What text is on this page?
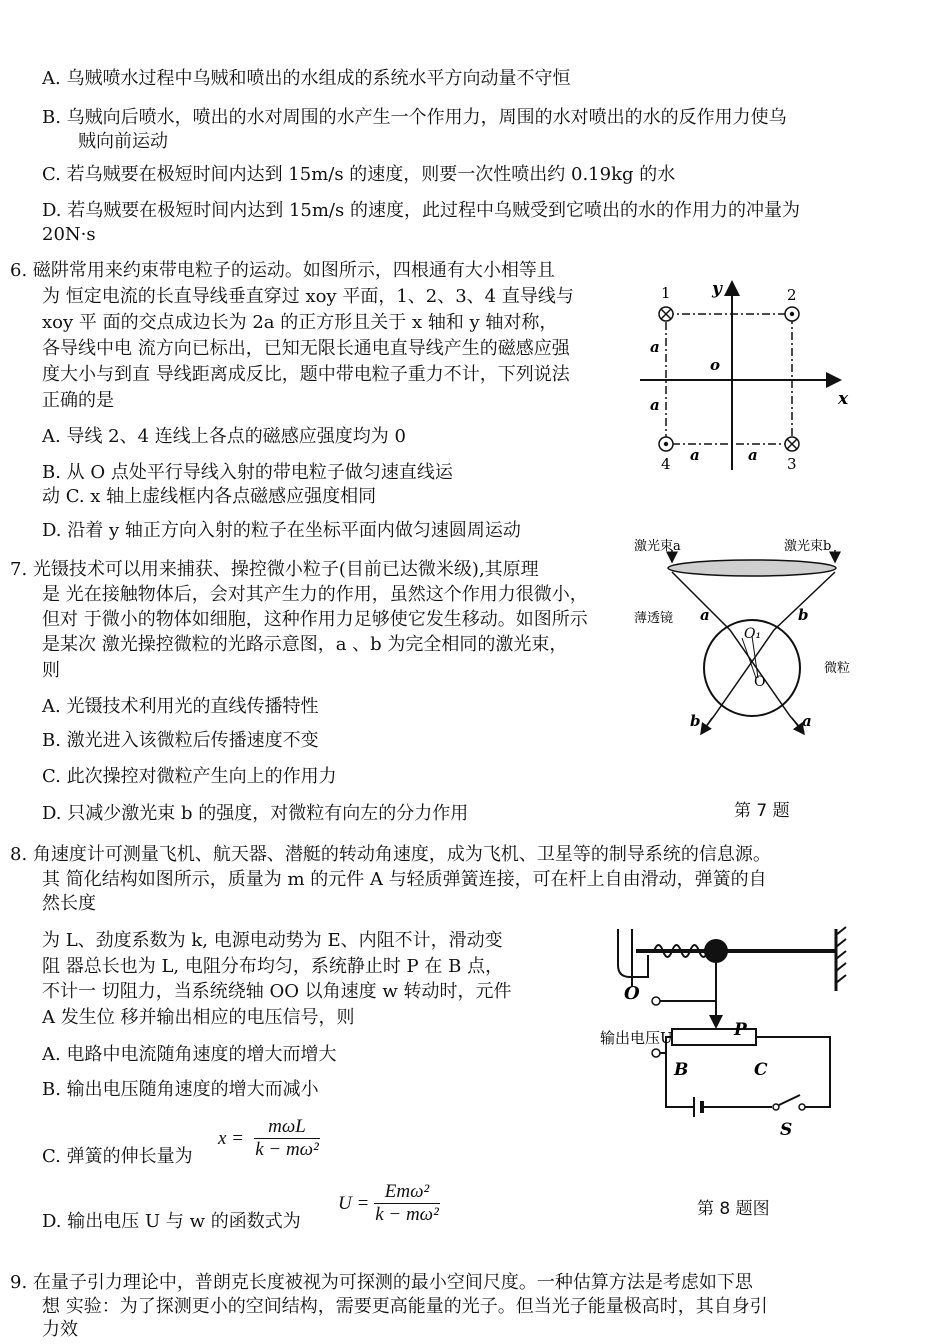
A. 乌贼喷水过程中乌贼和喷出的水组成的系统水平方向动量不守恒
B. 乌贼向后喷水，喷出的水对周围的水产生一个作用力，周围的水对喷出的水的反作用力使乌
贼向前运动
C. 若乌贼要在极短时间内达到 15m/s 的速度，则要一次性喷出约 0.19kg 的水
D. 若乌贼要在极短时间内达到 15m/s 的速度，此过程中乌贼受到它喷出的水的作用力的冲量为
20N·s
6. 磁阱常用来约束带电粒子的运动。如图所示，四根通有大小相等且
为 恒定电流的长直导线垂直穿过 xoy 平面，1、2、3、4 直导线与
xoy 平 面的交点成边长为 2a 的正方形且关于 x 轴和 y 轴对称，
各导线中电 流方向已标出，已知无限长通电直导线产生的磁感应强
度大小与到直 导线距离成反比，题中带电粒子重力不计，下列说法
正确的是
A. 导线 2、4 连线上各点的磁感应强度均为 0
B. 从 O 点处平行导线入射的带电粒子做匀速直线运
动 C. x 轴上虚线框内各点磁感应强度相同
D. 沿着 y 轴正方向入射的粒子在坐标平面内做匀速圆周运动
1	2
3
4
y
x
o
a
a
a	a
7. 光镊技术可以用来捕获、操控微小粒子(目前已达微米级),其原理
是 光在接触物体后，会对其产生力的作用，虽然这个作用力很微小，
但对 于微小的物体如细胞，这种作用力足够使它发生移动。如图所示
是某次 激光操控微粒的光路示意图，a 、b 为完全相同的激光束，
则
A. 光镊技术利用光的直线传播特性
B. 激光进入该微粒后传播速度不变
C. 此次操控对微粒产生向上的作用力
D. 只减少激光束 b 的强度，对微粒有向左的分力作用
激光束a	激光束b
薄透镜
微粒
a	b
O₁
O
b	a
第 7 题
8. 角速度计可测量飞机、航天器、潜艇的转动角速度，成为飞机、卫星等的制导系统的信息源。
其 简化结构如图所示，质量为 m 的元件 A 与轻质弹簧连接，可在杆上自由滑动，弹簧的自
然长度
为 L、劲度系数为 k, 电源电动势为 E、内阻不计，滑动变
阻 器总长也为 L, 电阻分布均匀，系统静止时 P 在 B 点，
不计一 切阻力，当系统绕轴 OO 以角速度 w 转动时，元件
A 发生位 移并输出相应的电压信号，则
A. 电路中电流随角速度的增大而增大
B. 输出电压随角速度的增大而减小
C. 弹簧的伸长量为
D. 输出电压 U 与 w 的函数式为
x =
mωL
k − mω²
U =
Emω²
k − mω²
O
输出电压U	P
B	C
S
第 8 题图
9. 在量子引力理论中，普朗克长度被视为可探测的最小空间尺度。一种估算方法是考虑如下思
想 实验：为了探测更小的空间结构，需要更高能量的光子。但当光子能量极高时，其自身引
力效
